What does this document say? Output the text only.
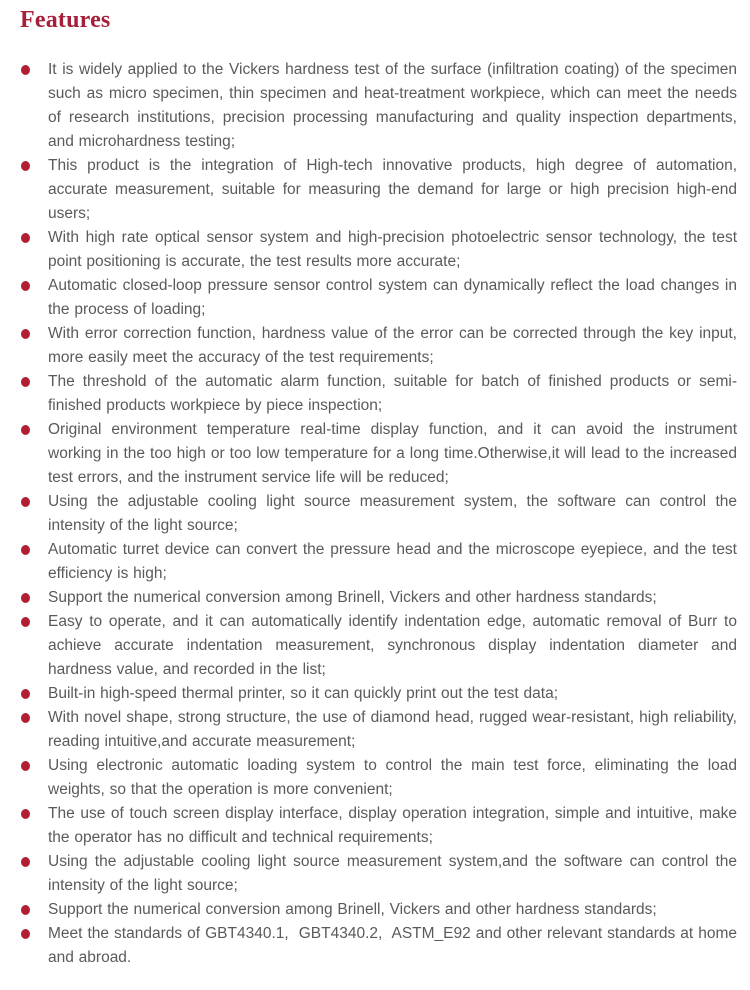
Features
It is widely applied to the Vickers hardness test of the surface (infiltration coating) of the specimen such as micro specimen, thin specimen and heat-treatment workpiece, which can meet the needs of research institutions, precision processing manufacturing and quality inspection departments, and microhardness testing;
This product is the integration of High-tech innovative products, high degree of automation, accurate measurement, suitable for measuring the demand for large or high precision high-end users;
With high rate optical sensor system and high-precision photoelectric sensor technology, the test point positioning is accurate, the test results more accurate;
Automatic closed-loop pressure sensor control system can dynamically reflect the load changes in the process of loading;
With error correction function, hardness value of the error can be corrected through the key input, more easily meet the accuracy of the test requirements;
The threshold of the automatic alarm function, suitable for batch of finished products or semi-finished products workpiece by piece inspection;
Original environment temperature real-time display function, and it can avoid the instrument working in the too high or too low temperature for a long time.Otherwise,it will lead to the increased test errors, and the instrument service life will be reduced;
Using the adjustable cooling light source measurement system, the software can control the intensity of the light source;
Automatic turret device can convert the pressure head and the microscope eyepiece, and the test efficiency is high;
Support the numerical conversion among Brinell, Vickers and other hardness standards;
Easy to operate, and it can automatically identify indentation edge, automatic removal of Burr to achieve accurate indentation measurement, synchronous display indentation diameter and hardness value, and recorded in the list;
Built-in high-speed thermal printer, so it can quickly print out the test data;
With novel shape, strong structure, the use of diamond head, rugged wear-resistant, high reliability, reading intuitive,and accurate measurement;
Using electronic automatic loading system to control the main test force, eliminating the load weights, so that the operation is more convenient;
The use of touch screen display interface, display operation integration, simple and intuitive, make the operator has no difficult and technical requirements;
Using the adjustable cooling light source measurement system,and the software can control the intensity of the light source;
Support the numerical conversion among Brinell, Vickers and other hardness standards;
Meet the standards of GBT4340.1,  GBT4340.2,  ASTM_E92 and other relevant standards at home and abroad.
